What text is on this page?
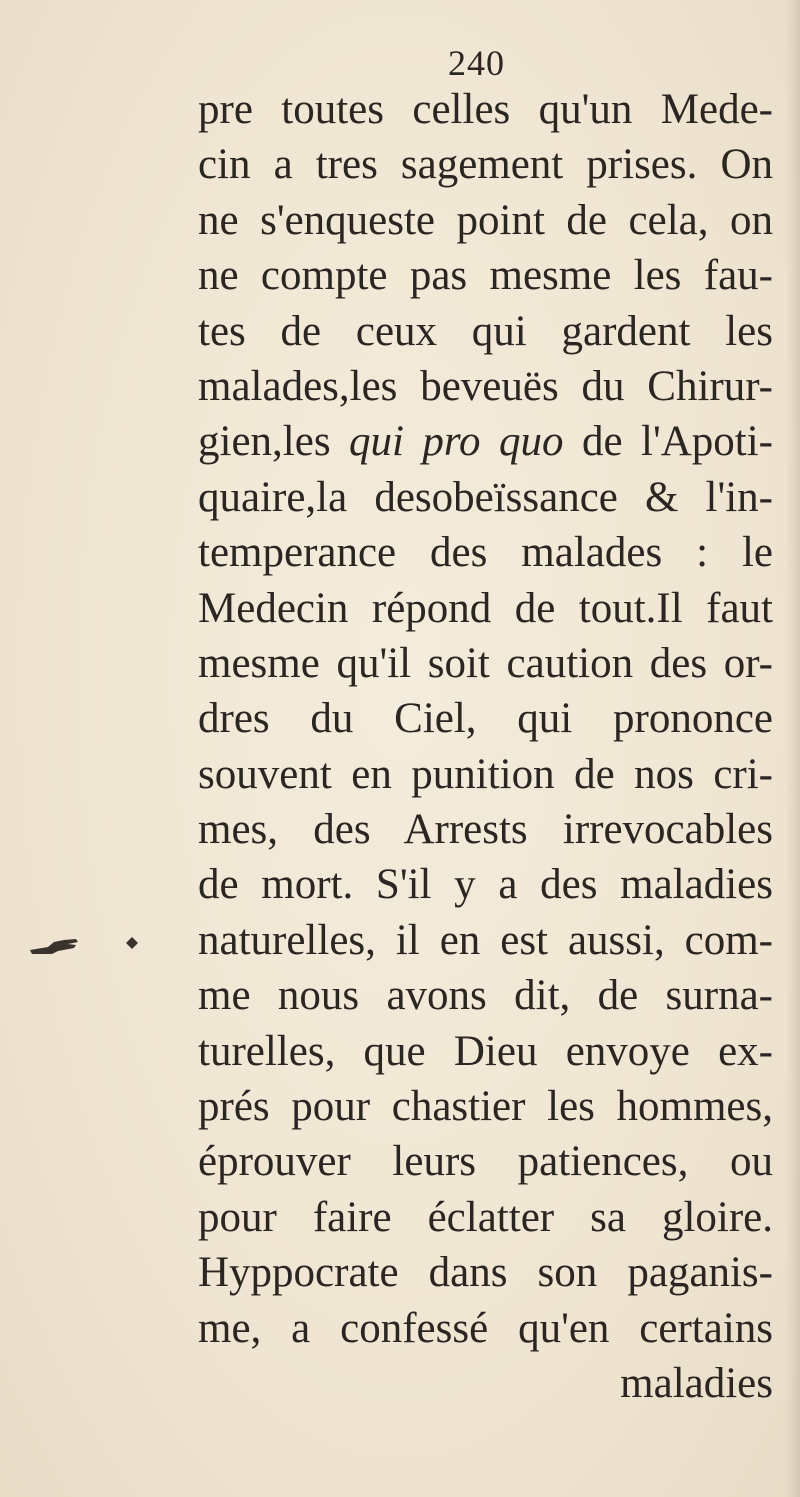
240
pre toutes celles qu'un Mede-
cin a tres sagement prises. On
ne s'enqueste point de cela, on
ne compte pas mesme les fau-
tes de ceux qui gardent les
malades,les beveuës du Chirur-
gien,les qui pro quo de l'Apoti-
quaire,la desobeïssance & l'in-
temperance des malades : le
Medecin répond de tout.Il faut
mesme qu'il soit caution des or-
dres du Ciel, qui prononce
souvent en punition de nos cri-
mes, des Arrests irrevocables
de mort. S'il y a des maladies
naturelles, il en est aussi, com-
me nous avons dit, de surna-
turelles, que Dieu envoye ex-
prés pour chastier les hommes,
éprouver leurs patiences, ou
pour faire éclatter sa gloire.
Hyppocrate dans son paganis-
me, a confessé qu'en certains
maladies
